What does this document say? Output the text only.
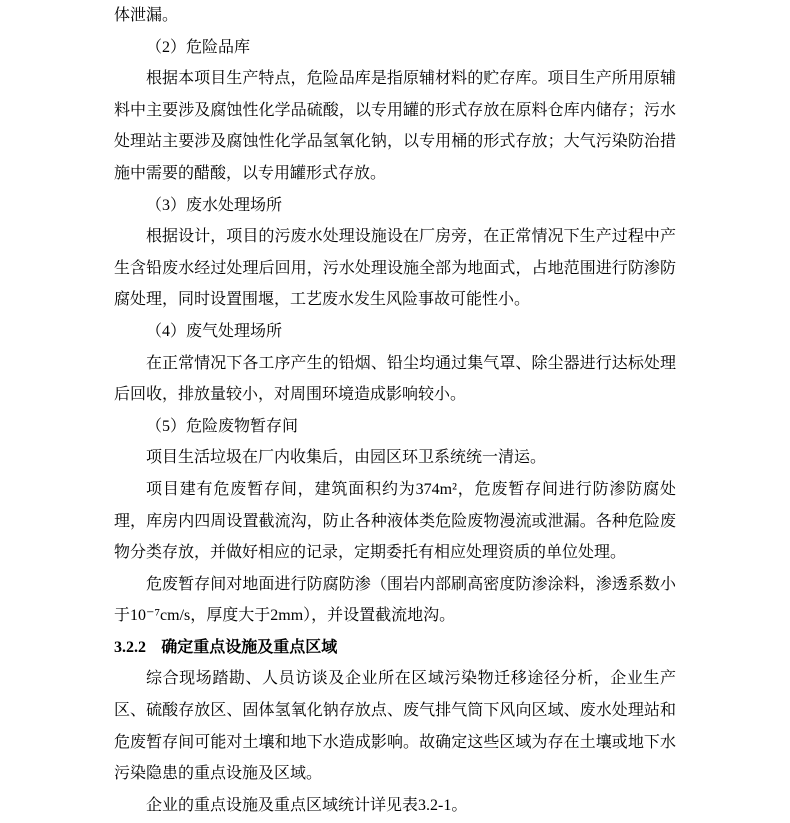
体泄漏。

（2）危险品库

根据本项目生产特点，危险品库是指原辅材料的贮存库。项目生产所用原辅料中主要涉及腐蚀性化学品硫酸，以专用罐的形式存放在原料仓库内储存；污水处理站主要涉及腐蚀性化学品氢氧化钠，以专用桶的形式存放；大气污染防治措施中需要的醋酸，以专用罐形式存放。

（3）废水处理场所

根据设计，项目的污废水处理设施设在厂房旁，在正常情况下生产过程中产生含铅废水经过处理后回用，污水处理设施全部为地面式，占地范围进行防渗防腐处理，同时设置围堰，工艺废水发生风险事故可能性小。

（4）废气处理场所

在正常情况下各工序产生的铅烟、铅尘均通过集气罩、除尘器进行达标处理后回收，排放量较小，对周围环境造成影响较小。

（5）危险废物暂存间

项目生活垃圾在厂内收集后，由园区环卫系统统一清运。

项目建有危废暂存间，建筑面积约为374m²，危废暂存间进行防渗防腐处理，库房内四周设置截流沟，防止各种液体类危险废物漫流或泄漏。各种危险废物分类存放，并做好相应的记录，定期委托有相应处理资质的单位处理。

危废暂存间对地面进行防腐防渗（围岩内部刷高密度防渗涂料，渗透系数小于10⁻⁷cm/s，厚度大于2mm），并设置截流地沟。

3.2.2 确定重点设施及重点区域

综合现场踏勘、人员访谈及企业所在区域污染物迁移途径分析，企业生产区、硫酸存放区、固体氢氧化钠存放点、废气排气筒下风向区域、废水处理站和危废暂存间可能对土壤和地下水造成影响。故确定这些区域为存在土壤或地下水污染隐患的重点设施及区域。

企业的重点设施及重点区域统计详见表3.2-1。
